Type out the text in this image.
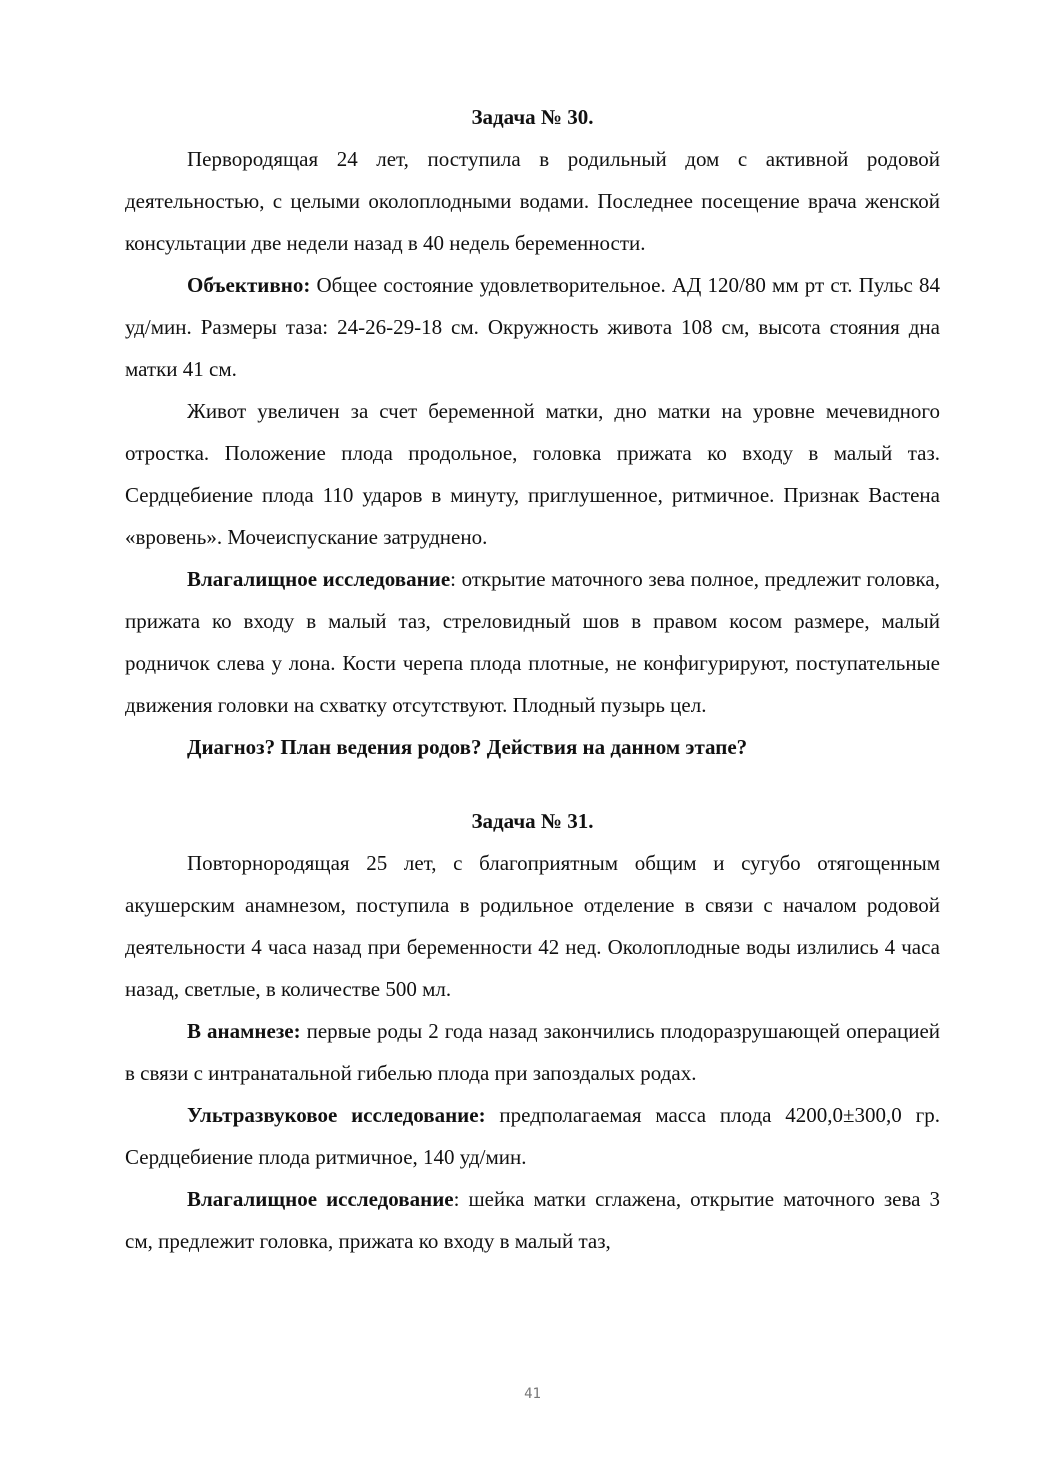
Задача № 30.

Первородящая 24 лет, поступила в родильный дом с активной родовой деятельностью, с целыми околоплодными водами. Последнее посещение врача женской консультации две недели назад в 40 недель беременности.

Объективно: Общее состояние удовлетворительное. АД 120/80 мм рт ст. Пульс 84 уд/мин. Размеры таза: 24-26-29-18 см. Окружность живота 108 см, высота стояния дна матки 41 см.

Живот увеличен за счет беременной матки, дно матки на уровне мечевидного отростка. Положение плода продольное, головка прижата ко входу в малый таз. Сердцебиение плода 110 ударов в минуту, приглушенное, ритмичное. Признак Вастена «вровень». Мочеиспускание затруднено.

Влагалищное исследование: открытие маточного зева полное, предлежит головка, прижата ко входу в малый таз, стреловидный шов в правом косом размере, малый родничок слева у лона. Кости черепа плода плотные, не конфигурируют, поступательные движения головки на схватку отсутствуют. Плодный пузырь цел.

Диагноз? План ведения родов? Действия на данном этапе?

Задача № 31.

Повторнородящая 25 лет, с благоприятным общим и сугубо отягощенным акушерским анамнезом, поступила в родильное отделение в связи с началом родовой деятельности 4 часа назад при беременности 42 нед. Околоплодные воды излились 4 часа назад, светлые, в количестве 500 мл.

В анамнезе: первые роды 2 года назад закончились плодоразрушающей операцией в связи с интранатальной гибелью плода при запоздалых родах.

Ультразвуковое исследование: предполагаемая масса плода 4200,0±300,0 гр. Сердцебиение плода ритмичное, 140 уд/мин.

Влагалищное исследование: шейка матки сглажена, открытие маточного зева 3 см, предлежит головка, прижата ко входу в малый таз,

41
